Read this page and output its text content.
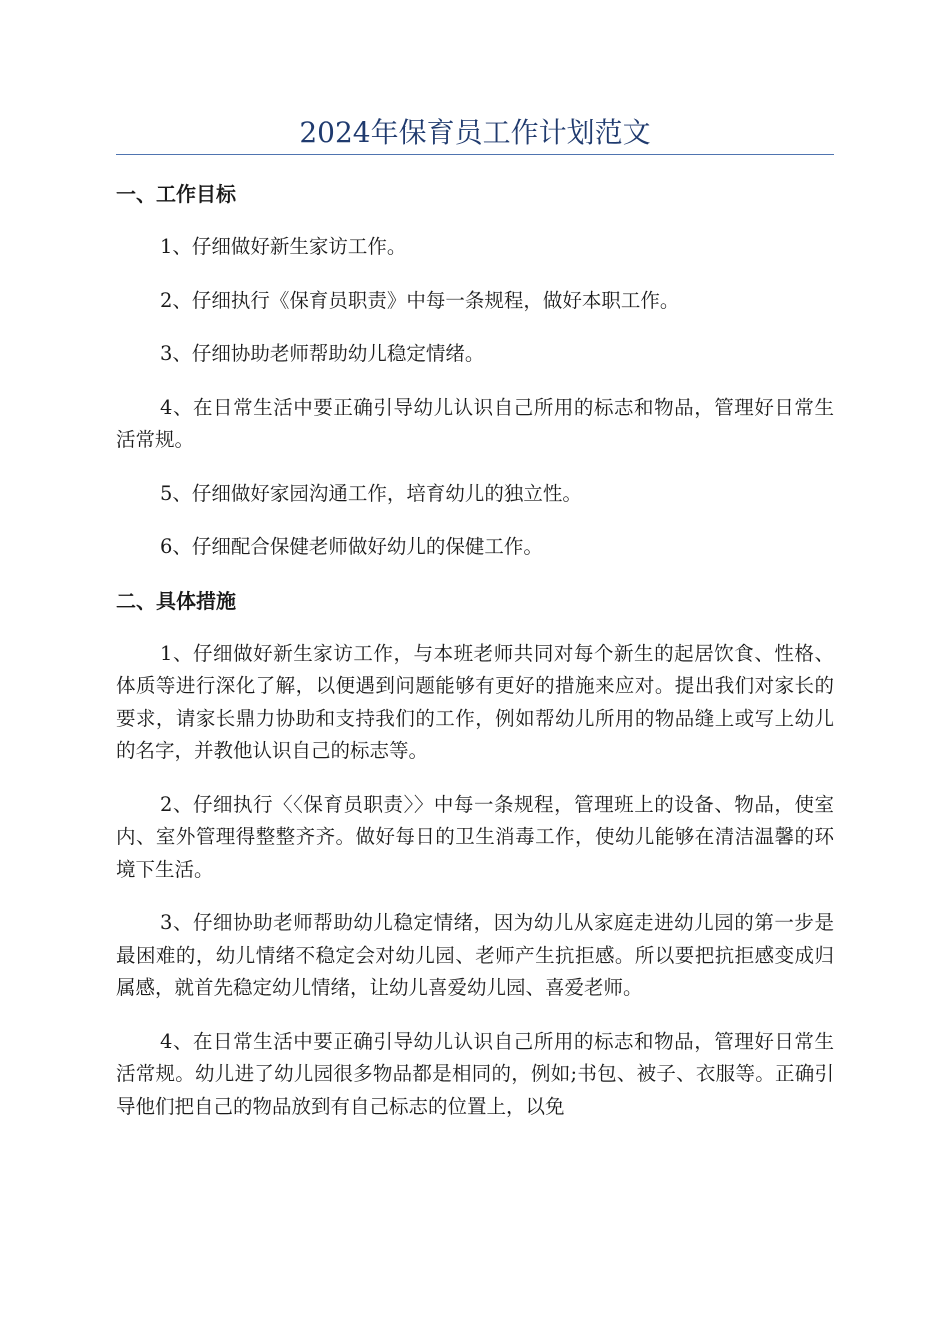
2024年保育员工作计划范文
一、工作目标

1、仔细做好新生家访工作。

2、仔细执行《保育员职责》中每一条规程，做好本职工作。

3、仔细协助老师帮助幼儿稳定情绪。

4、在日常生活中要正确引导幼儿认识自己所用的标志和物品，管理好日常生活常规。

5、仔细做好家园沟通工作，培育幼儿的独立性。

6、仔细配合保健老师做好幼儿的保健工作。

二、具体措施

1、仔细做好新生家访工作，与本班老师共同对每个新生的起居饮食、性格、体质等进行深化了解，以便遇到问题能够有更好的措施来应对。提出我们对家长的要求，请家长鼎力协助和支持我们的工作，例如帮幼儿所用的物品缝上或写上幼儿的名字，并教他认识自己的标志等。

2、仔细执行〈〈保育员职责〉〉中每一条规程，管理班上的设备、物品，使室内、室外管理得整整齐齐。做好每日的卫生消毒工作，使幼儿能够在清洁温馨的环境下生活。

3、仔细协助老师帮助幼儿稳定情绪，因为幼儿从家庭走进幼儿园的第一步是最困难的，幼儿情绪不稳定会对幼儿园、老师产生抗拒感。所以要把抗拒感变成归属感，就首先稳定幼儿情绪，让幼儿喜爱幼儿园、喜爱老师。

4、在日常生活中要正确引导幼儿认识自己所用的标志和物品，管理好日常生活常规。幼儿进了幼儿园很多物品都是相同的，例如;书包、被子、衣服等。正确引导他们把自己的物品放到有自己标志的位置上，以免
